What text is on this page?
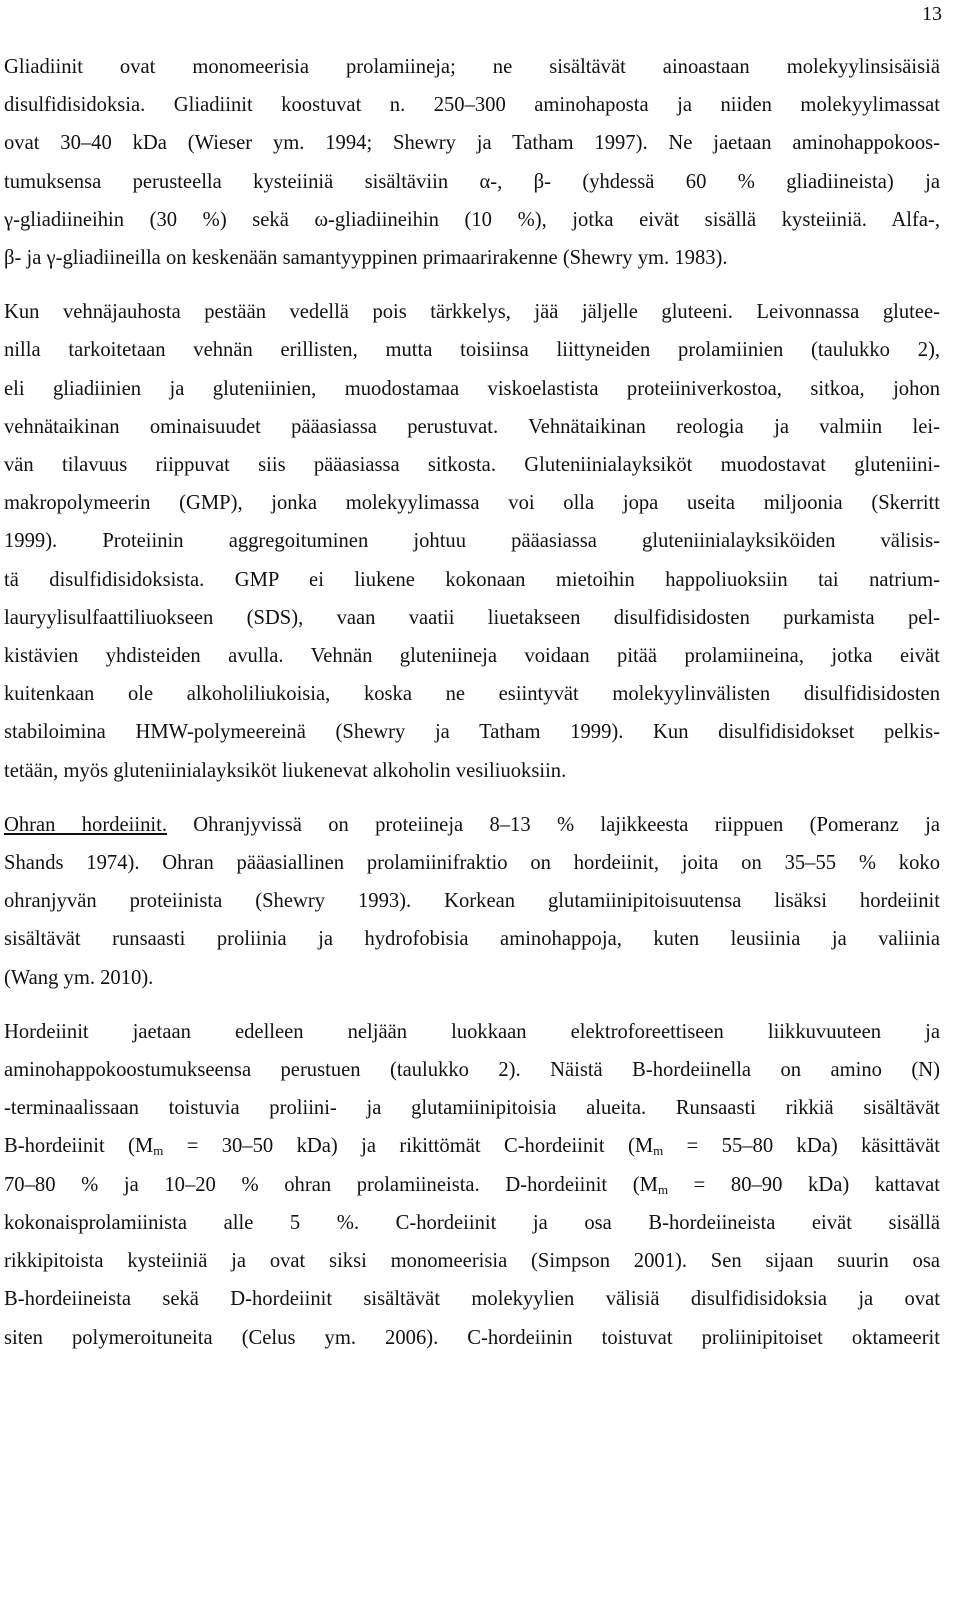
13
Gliadiinit ovat monomeerisia prolamiineja; ne sisältävät ainoastaan molekyylinsisäisiä
disulfidisidoksia. Gliadiinit koostuvat n. 250–300 aminohaposta ja niiden molekyylimassat
ovat 30–40 kDa (Wieser ym. 1994; Shewry ja Tatham 1997). Ne jaetaan aminohappokoos-
tumuksensa perusteella kysteiiniä sisältäviin α-, β- (yhdessä 60 % gliadiineista) ja
γ-gliadiineihin (30 %) sekä ω-gliadiineihin (10 %), jotka eivät sisällä kysteiiniä. Alfa-,
β- ja γ-gliadiineilla on keskenään samantyyppinen primaarirakenne (Shewry ym. 1983).
Kun vehnäjauhosta pestään vedellä pois tärkkelys, jää jäljelle gluteeni. Leivonnassa glutee-
nilla tarkoitetaan vehnän erillisten, mutta toisiinsa liittyneiden prolamiinien (taulukko 2),
eli gliadiinien ja gluteniinien, muodostamaa viskoelastista proteiiniverkostoa, sitkoa, johon
vehnätaikinan ominaisuudet pääasiassa perustuvat. Vehnätaikinan reologia ja valmiin lei-
vän tilavuus riippuvat siis pääasiassa sitkosta. Gluteniinialayksiköt muodostavat gluteniini-
makropolymeerin (GMP), jonka molekyylimassa voi olla jopa useita miljoonia (Skerritt
1999). Proteiinin aggregoituminen johtuu pääasiassa gluteniinialayksiköiden välisis-
tä disulfidisidoksista. GMP ei liukene kokonaan mietoihin happoliuoksiin tai natrium-
lauryylisulfaattiliuokseen (SDS), vaan vaatii liuetakseen disulfidisidosten purkamista pel-
kistävien yhdisteiden avulla. Vehnän gluteniineja voidaan pitää prolamiineina, jotka eivät
kuitenkaan ole alkoholiliukoisia, koska ne esiintyvät molekyylinvälisten disulfidisidosten
stabiloimina HMW-polymeereinä (Shewry ja Tatham 1999). Kun disulfidisidokset pelkis-
tetään, myös gluteniinialayksiköt liukenevat alkoholin vesiliuoksiin.
Ohran hordeiinit. Ohranjyvissä on proteiineja 8–13 % lajikkeesta riippuen (Pomeranz ja
Shands 1974). Ohran pääasiallinen prolamiinifraktio on hordeiinit, joita on 35–55 % koko
ohranjyvän proteiinista (Shewry 1993). Korkean glutamiinipitoisuutensa lisäksi hordeiinit
sisältävät runsaasti proliinia ja hydrofobisia aminohappoja, kuten leusiinia ja valiinia
(Wang ym. 2010).
Hordeiinit jaetaan edelleen neljään luokkaan elektroforeettiseen liikkuvuuteen ja
aminohappokoostumukseensa perustuen (taulukko 2). Näistä B-hordeiinella on amino (N)
-terminaalissaan toistuvia proliini- ja glutamiinipitoisia alueita. Runsaasti rikkiä sisältävät
B-hordeiinit ($M_m = 30-50$ kDa) ja rikittömät C-hordeiinit ($M_m = 55-80$ kDa) käsittävät
70–80 % ja 10–20 % ohran prolamiineista. D-hordeiinit ($M_m = 80-90$ kDa) kattavat
kokonaisprolamiinista alle 5 %. C-hordeiinit ja osa B-hordeiineista eivät sisällä
rikkipitoista kysteiiniä ja ovat siksi monomeerisia (Simpson 2001). Sen sijaan suurin osa
B-hordeiineista sekä D-hordeiinit sisältävät molekyylien välisiä disulfidisidoksia ja ovat
siten polymeroituneita (Celus ym. 2006). C-hordeiinin toistuvat proliinipitoiset oktameerit
